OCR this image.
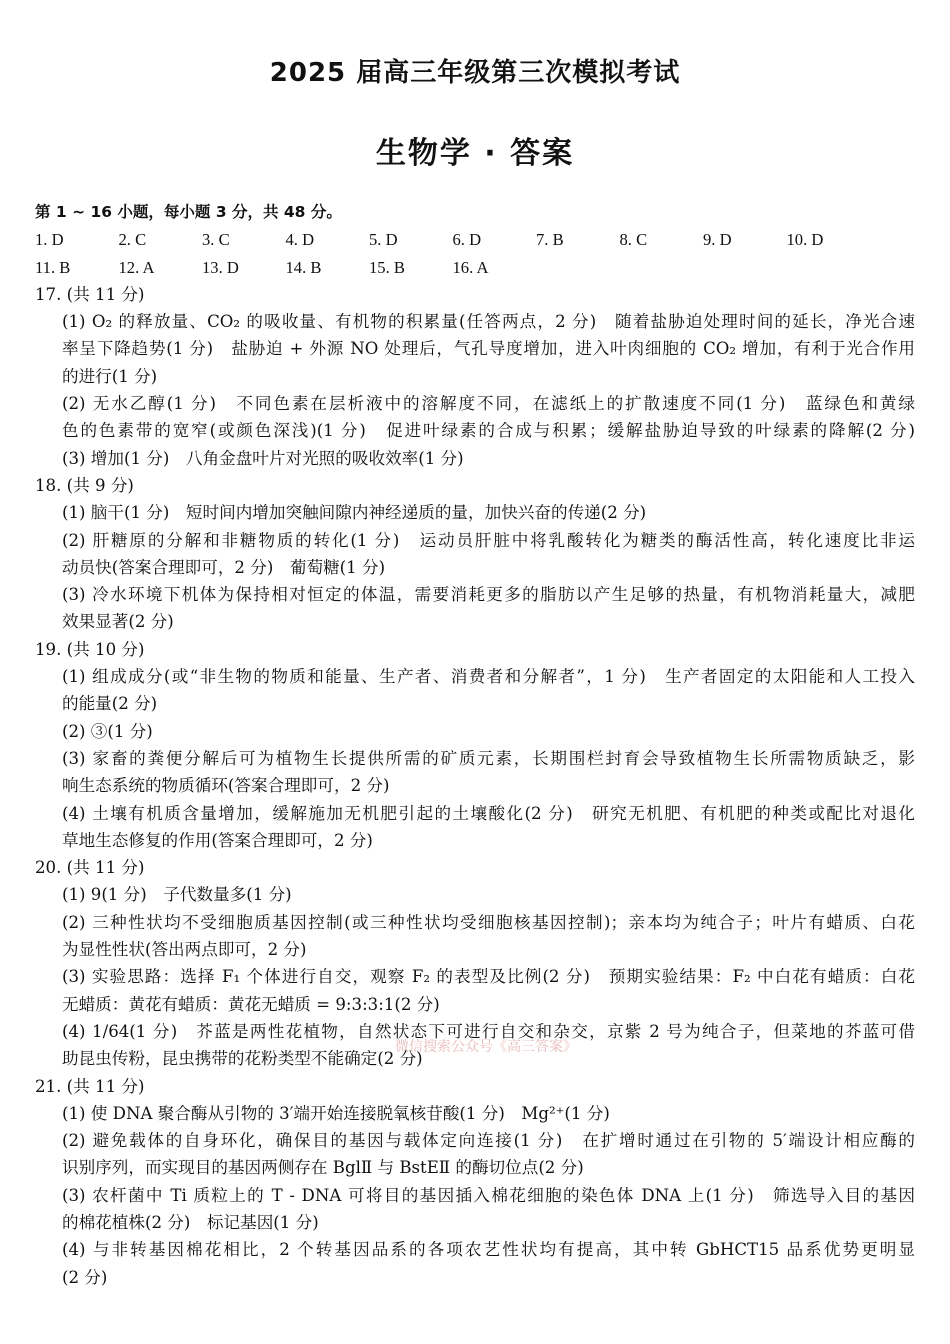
2025 届高三年级第三次模拟考试
生物学 · 答案
第 1 ~ 16 小题，每小题 3 分，共 48 分。
1. D	2. C	3. C	4. D	5. D	6. D	7. B	8. C	9. D	10. D
11. B	12. A	13. D	14. B	15. B	16. A
17. (共 11 分)
(1) O₂ 的释放量、CO₂ 的吸收量、有机物的积累量(任答两点，2 分)　随着盐胁迫处理时间的延长，净光合速
率呈下降趋势(1 分)　盐胁迫 + 外源 NO 处理后，气孔导度增加，进入叶肉细胞的 CO₂ 增加，有利于光合作用
的进行(1 分)
(2) 无水乙醇(1 分)　不同色素在层析液中的溶解度不同，在滤纸上的扩散速度不同(1 分)　蓝绿色和黄绿
色的色素带的宽窄(或颜色深浅)(1 分)　促进叶绿素的合成与积累；缓解盐胁迫导致的叶绿素的降解(2 分)
(3) 增加(1 分)　八角金盘叶片对光照的吸收效率(1 分)
18. (共 9 分)
(1) 脑干(1 分)　短时间内增加突触间隙内神经递质的量，加快兴奋的传递(2 分)
(2) 肝糖原的分解和非糖物质的转化(1 分)　运动员肝脏中将乳酸转化为糖类的酶活性高，转化速度比非运
动员快(答案合理即可，2 分)　葡萄糖(1 分)
(3) 冷水环境下机体为保持相对恒定的体温，需要消耗更多的脂肪以产生足够的热量，有机物消耗量大，减肥
效果显著(2 分)
19. (共 10 分)
(1) 组成成分(或“非生物的物质和能量、生产者、消费者和分解者”，1 分)　生产者固定的太阳能和人工投入
的能量(2 分)
(2) ③(1 分)
(3) 家畜的粪便分解后可为植物生长提供所需的矿质元素，长期围栏封育会导致植物生长所需物质缺乏，影
响生态系统的物质循环(答案合理即可，2 分)
(4) 土壤有机质含量增加，缓解施加无机肥引起的土壤酸化(2 分)　研究无机肥、有机肥的种类或配比对退化
草地生态修复的作用(答案合理即可，2 分)
20. (共 11 分)
(1) 9(1 分)　子代数量多(1 分)
(2) 三种性状均不受细胞质基因控制(或三种性状均受细胞核基因控制)；亲本均为纯合子；叶片有蜡质、白花
为显性性状(答出两点即可，2 分)
(3) 实验思路：选择 F₁ 个体进行自交，观察 F₂ 的表型及比例(2 分)　预期实验结果：F₂ 中白花有蜡质：白花
无蜡质：黄花有蜡质：黄花无蜡质 = 9:3:3:1(2 分)
(4) 1/64(1 分)　芥蓝是两性花植物，自然状态下可进行自交和杂交，京紫 2 号为纯合子，但菜地的芥蓝可借
助昆虫传粉，昆虫携带的花粉类型不能确定(2 分)
21. (共 11 分)
(1) 使 DNA 聚合酶从引物的 3′端开始连接脱氧核苷酸(1 分)　Mg²⁺(1 分)
(2) 避免载体的自身环化，确保目的基因与载体定向连接(1 分)　在扩增时通过在引物的 5′端设计相应酶的
识别序列，而实现目的基因两侧存在 BglⅡ 与 BstEⅡ 的酶切位点(2 分)
(3) 农杆菌中 Ti 质粒上的 T - DNA 可将目的基因插入棉花细胞的染色体 DNA 上(1 分)　筛选导入目的基因
的棉花植株(2 分)　标记基因(1 分)
(4) 与非转基因棉花相比，2 个转基因品系的各项农艺性状均有提高，其中转 GbHCT15 品系优势更明显
(2 分)
微信搜索公众号《高三答案》
